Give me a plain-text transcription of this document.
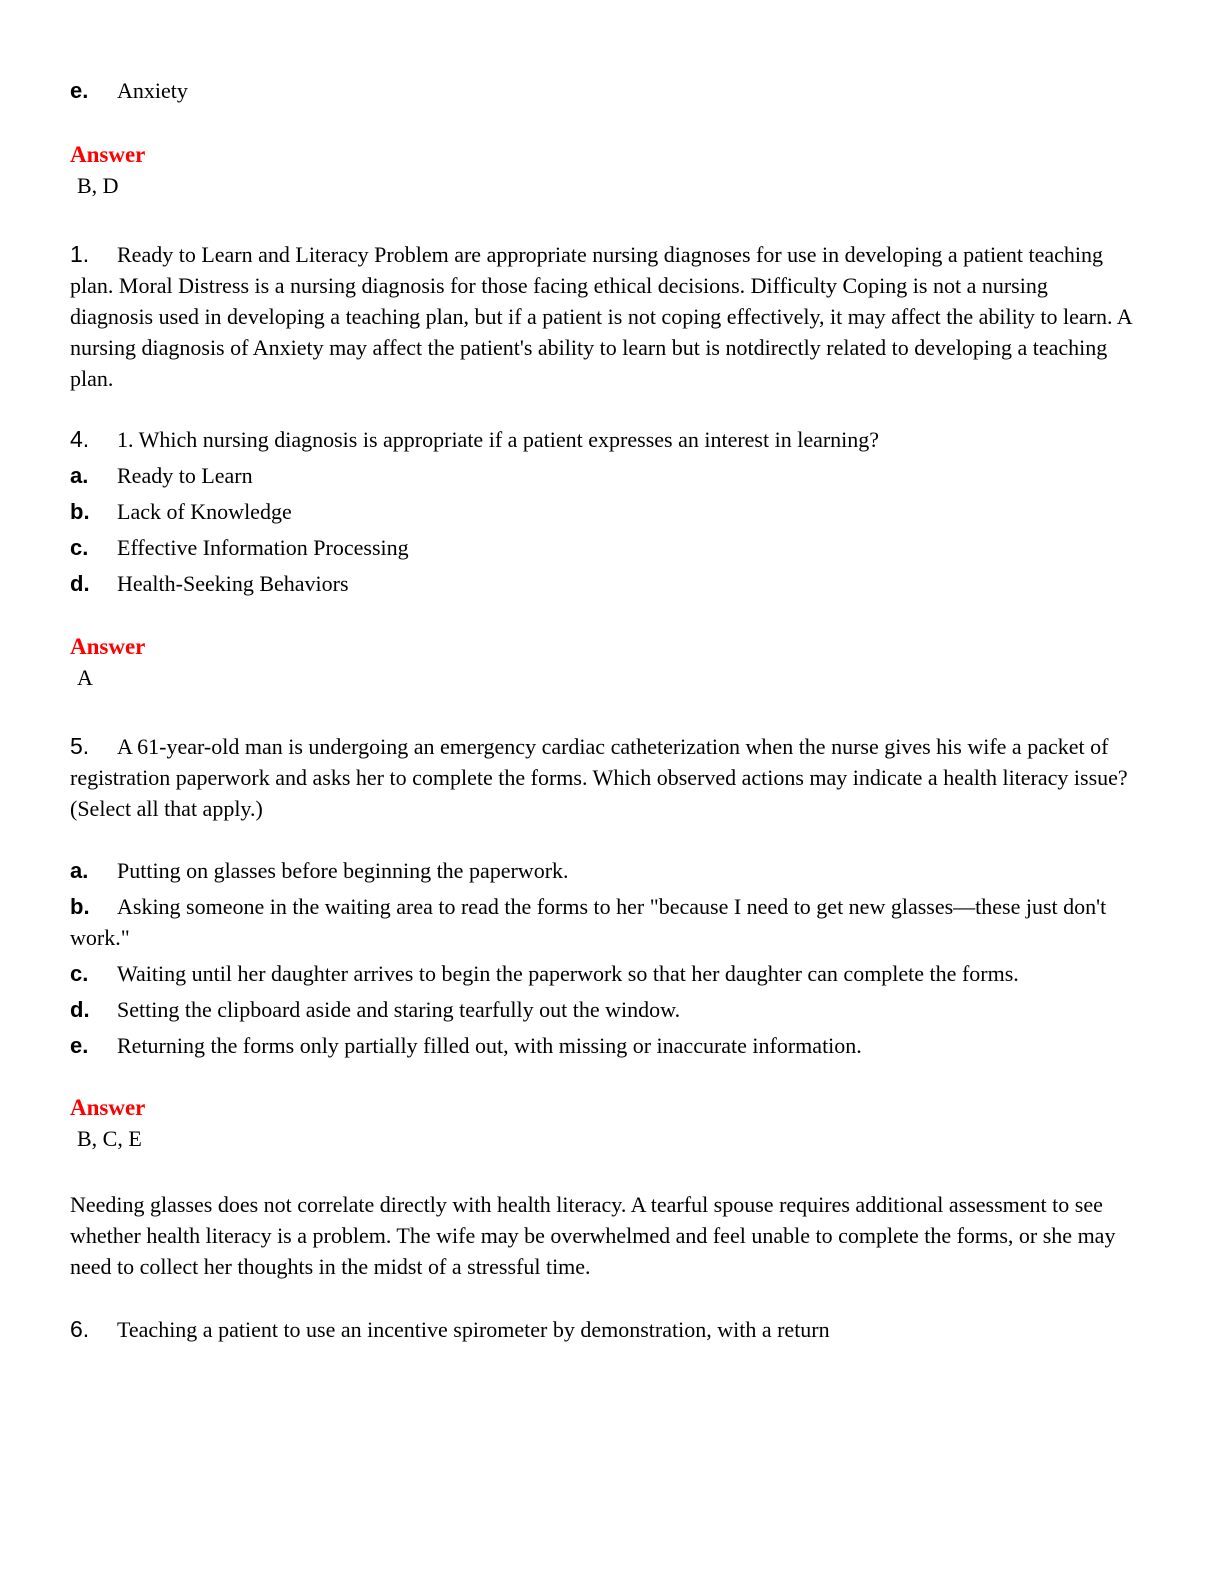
e. Anxiety

Answer

B, D

1. Ready to Learn and Literacy Problem are appropriate nursing diagnoses for use in developing a patient teaching plan. Moral Distress is a nursing diagnosis for those facing ethical decisions. Difficulty Coping is not a nursing diagnosis used in developing a teaching plan, but if a patient is not coping effectively, it may affect the ability to learn. A nursing diagnosis of Anxiety may affect the patient's ability to learn but is notdirectly related to developing a teaching plan.

4. 1. Which nursing diagnosis is appropriate if a patient expresses an interest in learning?

a. Ready to Learn

b. Lack of Knowledge

c. Effective Information Processing

d. Health-Seeking Behaviors

Answer

A

5. A 61-year-old man is undergoing an emergency cardiac catheterization when the nurse gives his wife a packet of registration paperwork and asks her to complete the forms. Which observed actions may indicate a health literacy issue? (Select all that apply.)

a. Putting on glasses before beginning the paperwork.

b. Asking someone in the waiting area to read the forms to her "because I need to get new glasses—these just don't work."

c. Waiting until her daughter arrives to begin the paperwork so that her daughter can complete the forms.

d. Setting the clipboard aside and staring tearfully out the window.

e. Returning the forms only partially filled out, with missing or inaccurate information.

Answer

B, C, E

Needing glasses does not correlate directly with health literacy. A tearful spouse requires additional assessment to see whether health literacy is a problem. The wife may be overwhelmed and feel unable to complete the forms, or she may need to collect her thoughts in the midst of a stressful time.

6. Teaching a patient to use an incentive spirometer by demonstration, with a return
